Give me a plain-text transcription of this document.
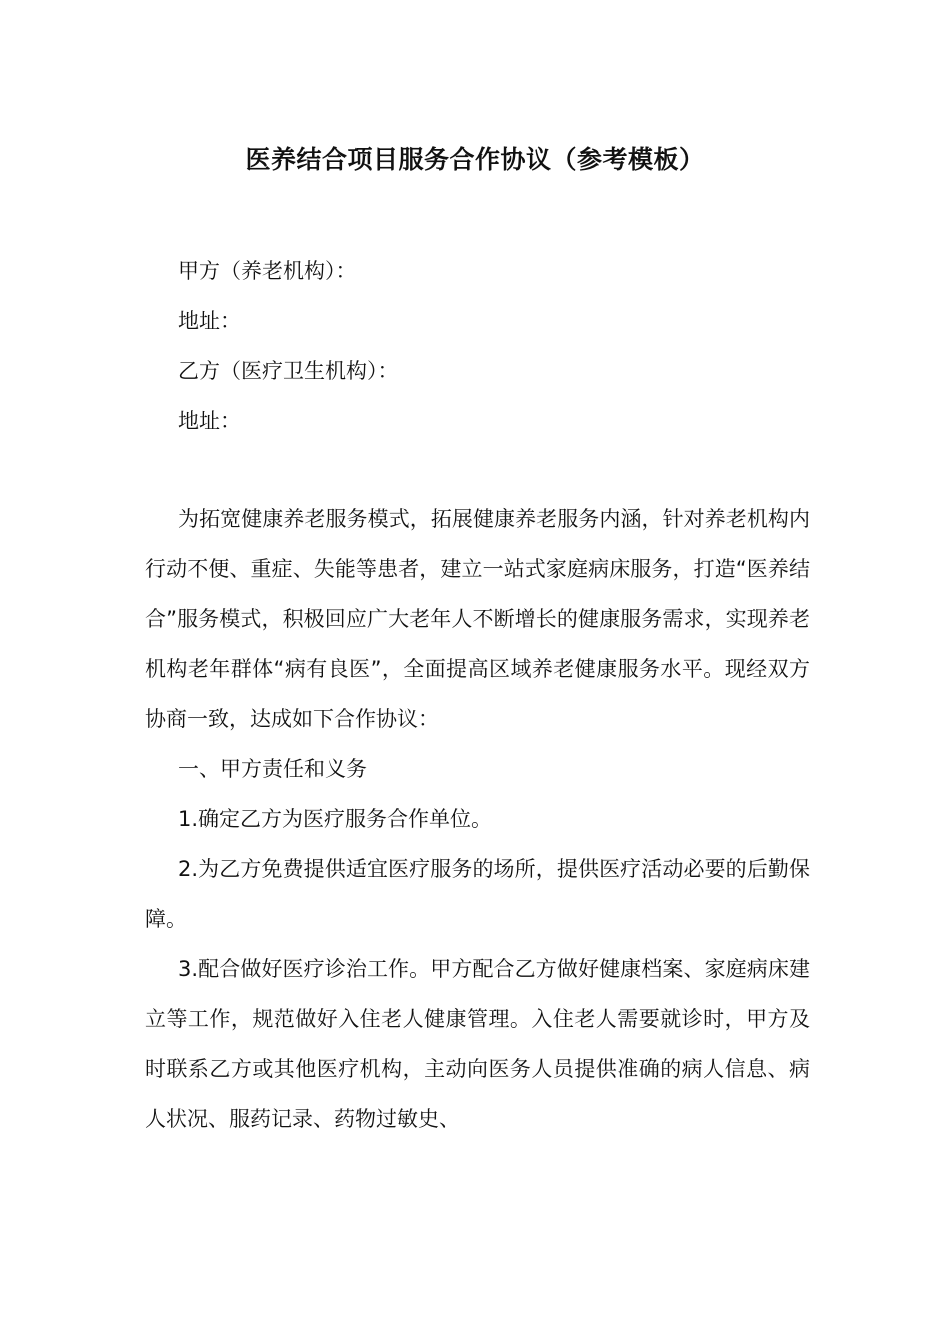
医养结合项目服务合作协议（参考模板）
甲方（养老机构）：
地址：
乙方（医疗卫生机构）：
地址：

为拓宽健康养老服务模式，拓展健康养老服务内涵，针对养老机构内行动不便、重症、失能等患者，建立一站式家庭病床服务，打造“医养结合”服务模式，积极回应广大老年人不断增长的健康服务需求，实现养老机构老年群体“病有良医”，全面提高区域养老健康服务水平。现经双方协商一致，达成如下合作协议：

一、甲方责任和义务

1.确定乙方为医疗服务合作单位。

2.为乙方免费提供适宜医疗服务的场所，提供医疗活动必要的后勤保障。

3.配合做好医疗诊治工作。甲方配合乙方做好健康档案、家庭病床建立等工作，规范做好入住老人健康管理。入住老人需要就诊时，甲方及时联系乙方或其他医疗机构，主动向医务人员提供准确的病人信息、病人状况、服药记录、药物过敏史、
